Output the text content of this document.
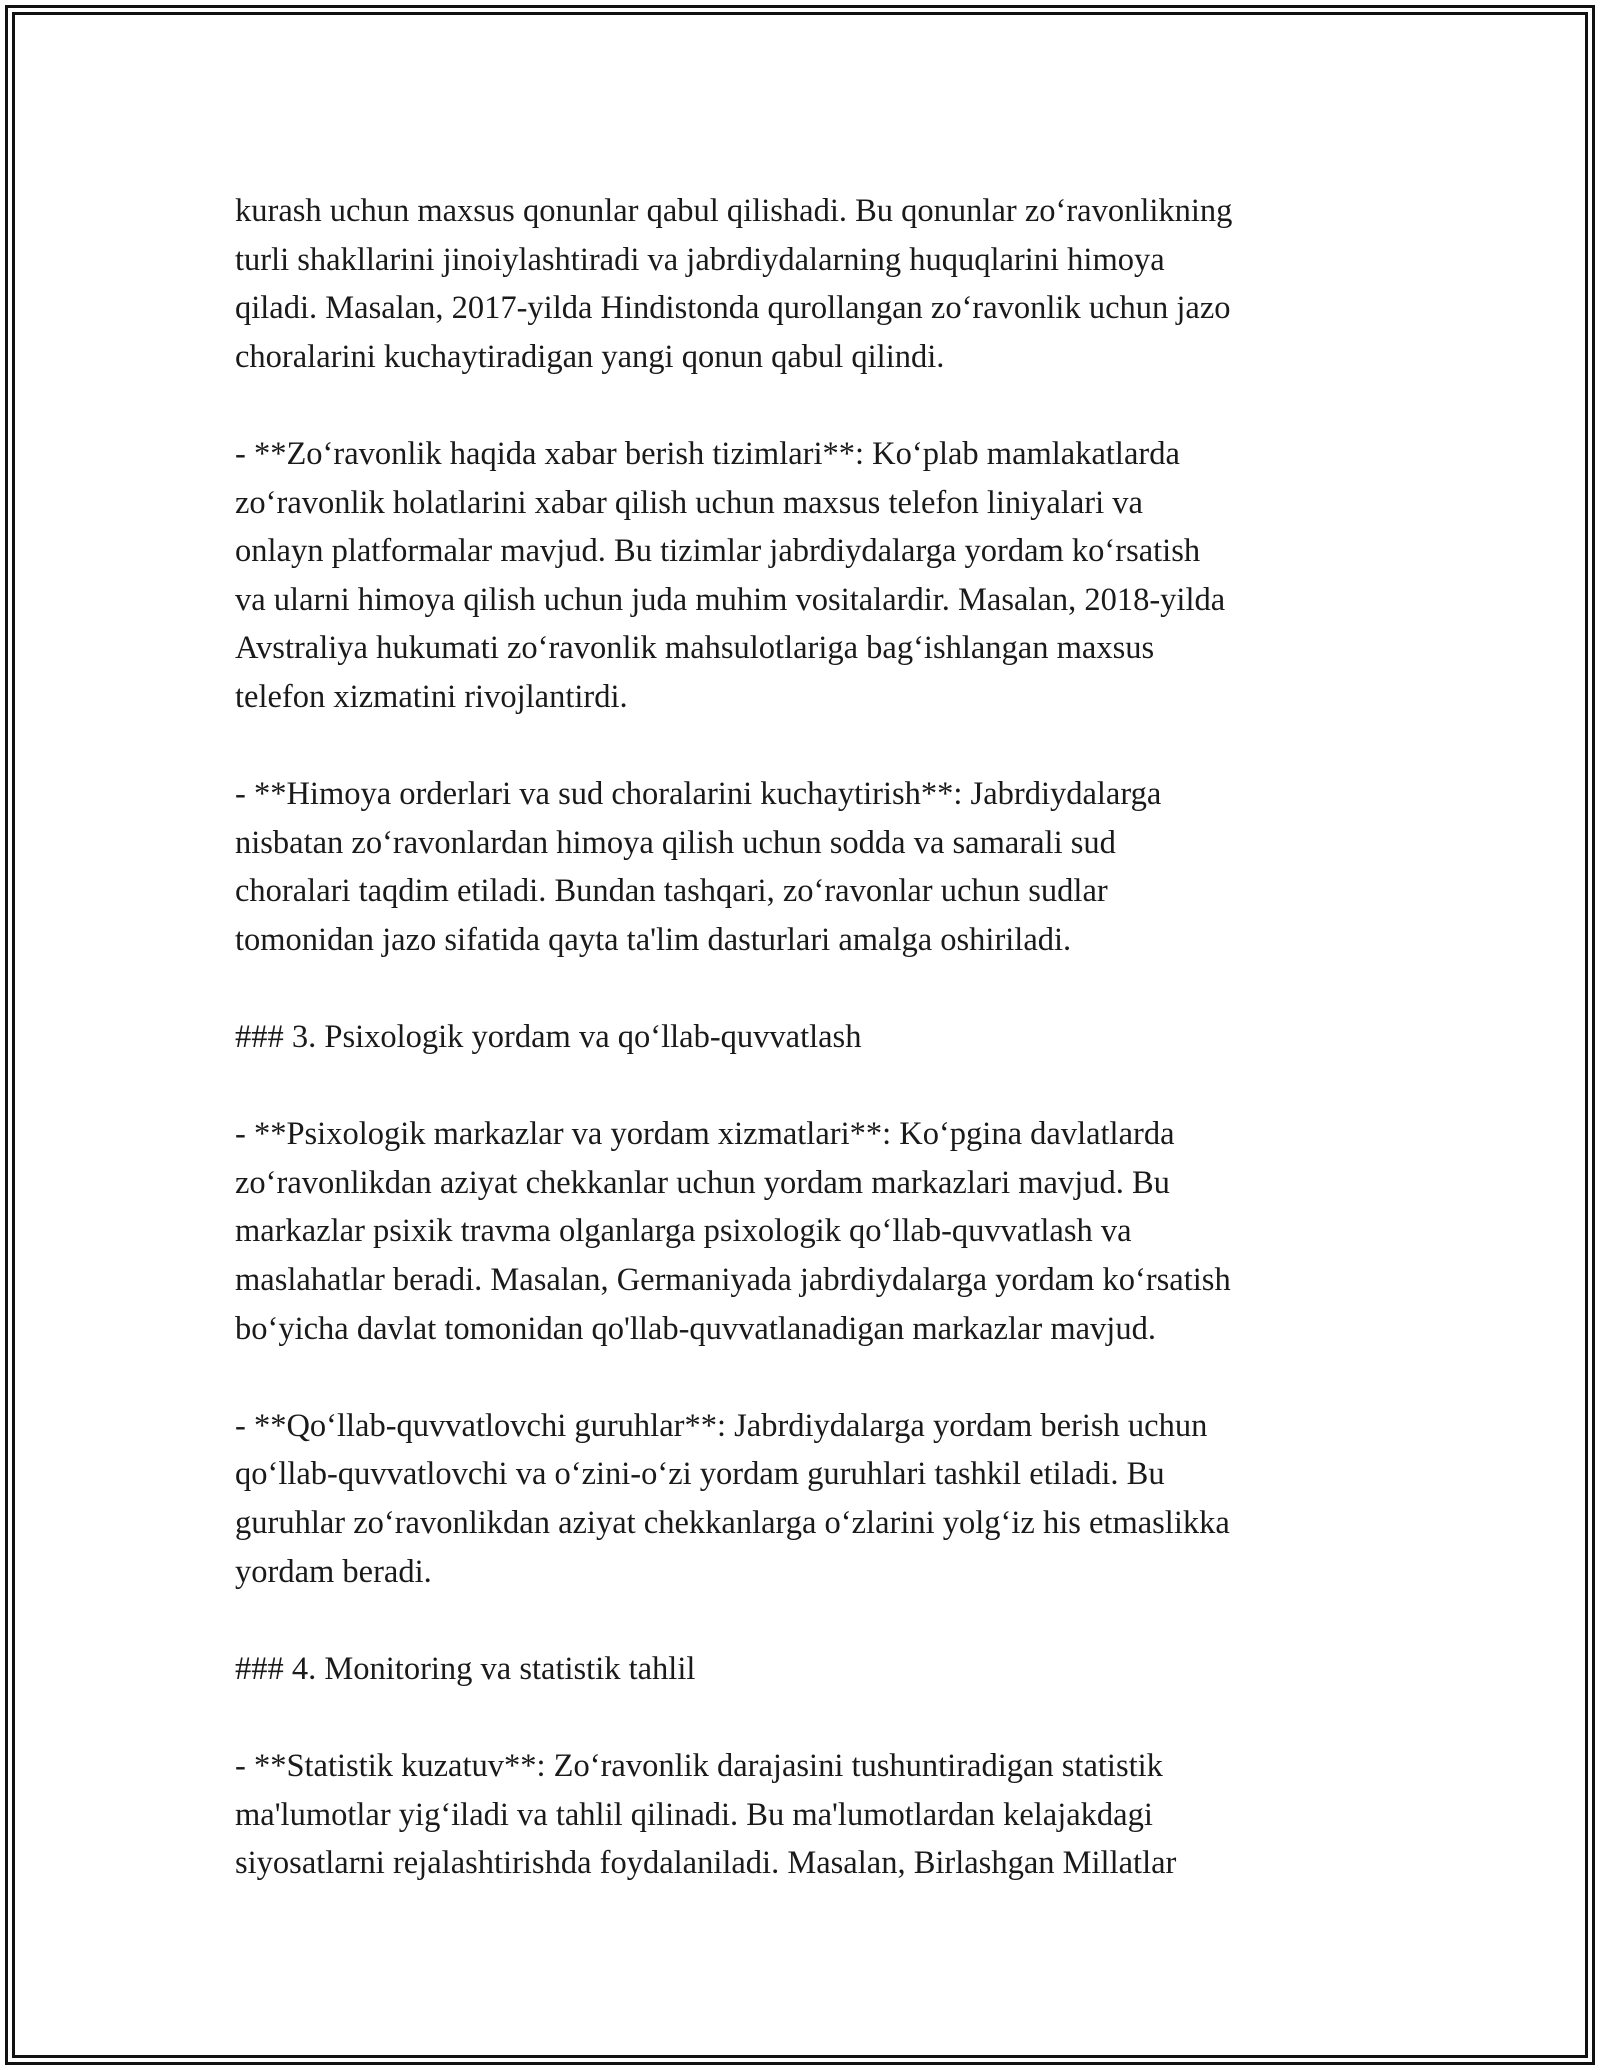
kurash uchun maxsus qonunlar qabul qilishadi. Bu qonunlar zo‘ravonlikning
turli shakllarini jinoiylashtiradi va jabrdiydalarning huquqlarini himoya
qiladi. Masalan, 2017-yilda Hindistonda qurollangan zo‘ravonlik uchun jazo
choralarini kuchaytiradigan yangi qonun qabul qilindi.

- **Zo‘ravonlik haqida xabar berish tizimlari**: Ko‘plab mamlakatlarda
zo‘ravonlik holatlarini xabar qilish uchun maxsus telefon liniyalari va
onlayn platformalar mavjud. Bu tizimlar jabrdiydalarga yordam ko‘rsatish
va ularni himoya qilish uchun juda muhim vositalardir. Masalan, 2018-yilda
Avstraliya hukumati zo‘ravonlik mahsulotlariga bag‘ishlangan maxsus
telefon xizmatini rivojlantirdi.

- **Himoya orderlari va sud choralarini kuchaytirish**: Jabrdiydalarga
nisbatan zo‘ravonlardan himoya qilish uchun sodda va samarali sud
choralari taqdim etiladi. Bundan tashqari, zo‘ravonlar uchun sudlar
tomonidan jazo sifatida qayta ta'lim dasturlari amalga oshiriladi.

### 3. Psixologik yordam va qo‘llab-quvvatlash

- **Psixologik markazlar va yordam xizmatlari**: Ko‘pgina davlatlarda
zo‘ravonlikdan aziyat chekkanlar uchun yordam markazlari mavjud. Bu
markazlar psixik travma olganlarga psixologik qo‘llab-quvvatlash va
maslahatlar beradi. Masalan, Germaniyada jabrdiydalarga yordam ko‘rsatish
bo‘yicha davlat tomonidan qo'llab-quvvatlanadigan markazlar mavjud.

- **Qo‘llab-quvvatlovchi guruhlar**: Jabrdiydalarga yordam berish uchun
qo‘llab-quvvatlovchi va o‘zini-o‘zi yordam guruhlari tashkil etiladi. Bu
guruhlar zo‘ravonlikdan aziyat chekkanlarga o‘zlarini yolg‘iz his etmaslikka
yordam beradi.

### 4. Monitoring va statistik tahlil

- **Statistik kuzatuv**: Zo‘ravonlik darajasini tushuntiradigan statistik
ma'lumotlar yig‘iladi va tahlil qilinadi. Bu ma'lumotlardan kelajakdagi
siyosatlarni rejalashtirishda foydalaniladi. Masalan, Birlashgan Millatlar
